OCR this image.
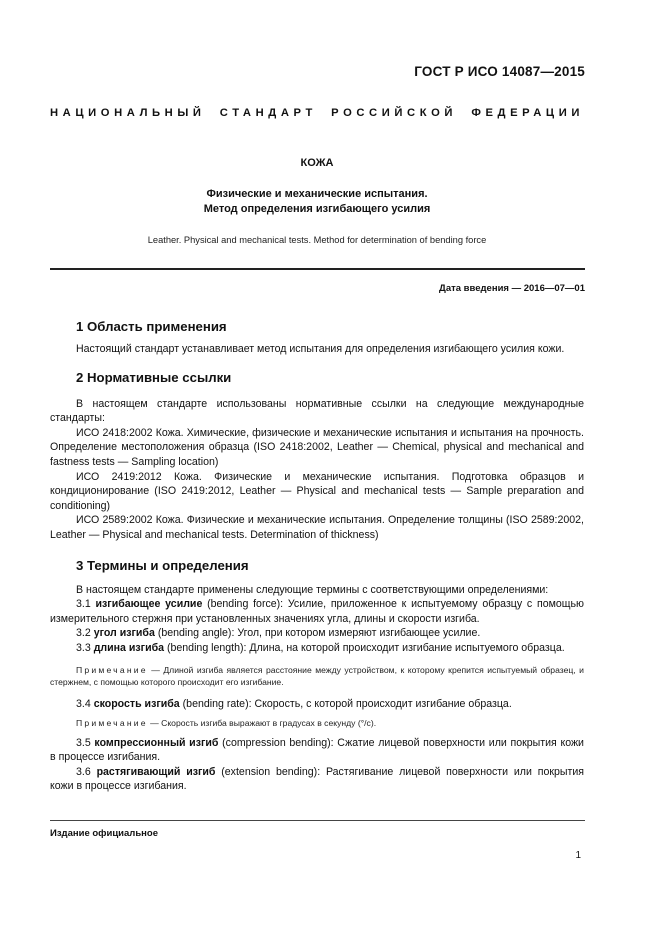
ГОСТ Р ИСО 14087—2015
НАЦИОНАЛЬНЫЙ СТАНДАРТ РОССИЙСКОЙ ФЕДЕРАЦИИ
КОЖА
Физические и механические испытания.
Метод определения изгибающего усилия
Leather. Physical and mechanical tests. Method for determination of bending force
Дата введения — 2016—07—01
1 Область применения

Настоящий стандарт устанавливает метод испытания для определения изгибающего усилия кожи.

2 Нормативные ссылки

В настоящем стандарте использованы нормативные ссылки на следующие международные стандарты:

ИСО 2418:2002 Кожа. Химические, физические и механические испытания и испытания на прочность. Определение местоположения образца (ISO 2418:2002, Leather — Chemical, physical and mechanical and fastness tests — Sampling location)

ИСО 2419:2012 Кожа. Физические и механические испытания. Подготовка образцов и кондиционирование (ISO 2419:2012, Leather — Physical and mechanical tests — Sample preparation and conditioning)

ИСО 2589:2002 Кожа. Физические и механические испытания. Определение толщины (ISO 2589:2002, Leather — Physical and mechanical tests. Determination of thickness)

3 Термины и определения

В настоящем стандарте применены следующие термины с соответствующими определениями:

3.1 изгибающее усилие (bending force): Усилие, приложенное к испытуемому образцу с помощью измерительного стержня при установленных значениях угла, длины и скорости изгиба.

3.2 угол изгиба (bending angle): Угол, при котором измеряют изгибающее усилие.

3.3 длина изгиба (bending length): Длина, на которой происходит изгибание испытуемого образца.

Примечание — Длиной изгиба является расстояние между устройством, к которому крепится испытуемый образец, и стержнем, с помощью которого происходит его изгибание.

3.4 скорость изгиба (bending rate): Скорость, с которой происходит изгибание образца.

Примечание — Скорость изгиба выражают в градусах в секунду (°/с).

3.5 компрессионный изгиб (compression bending): Сжатие лицевой поверхности или покрытия кожи в процессе изгибания.

3.6 растягивающий изгиб (extension bending): Растягивание лицевой поверхности или покрытия кожи в процессе изгибания.

Издание официальное
1
